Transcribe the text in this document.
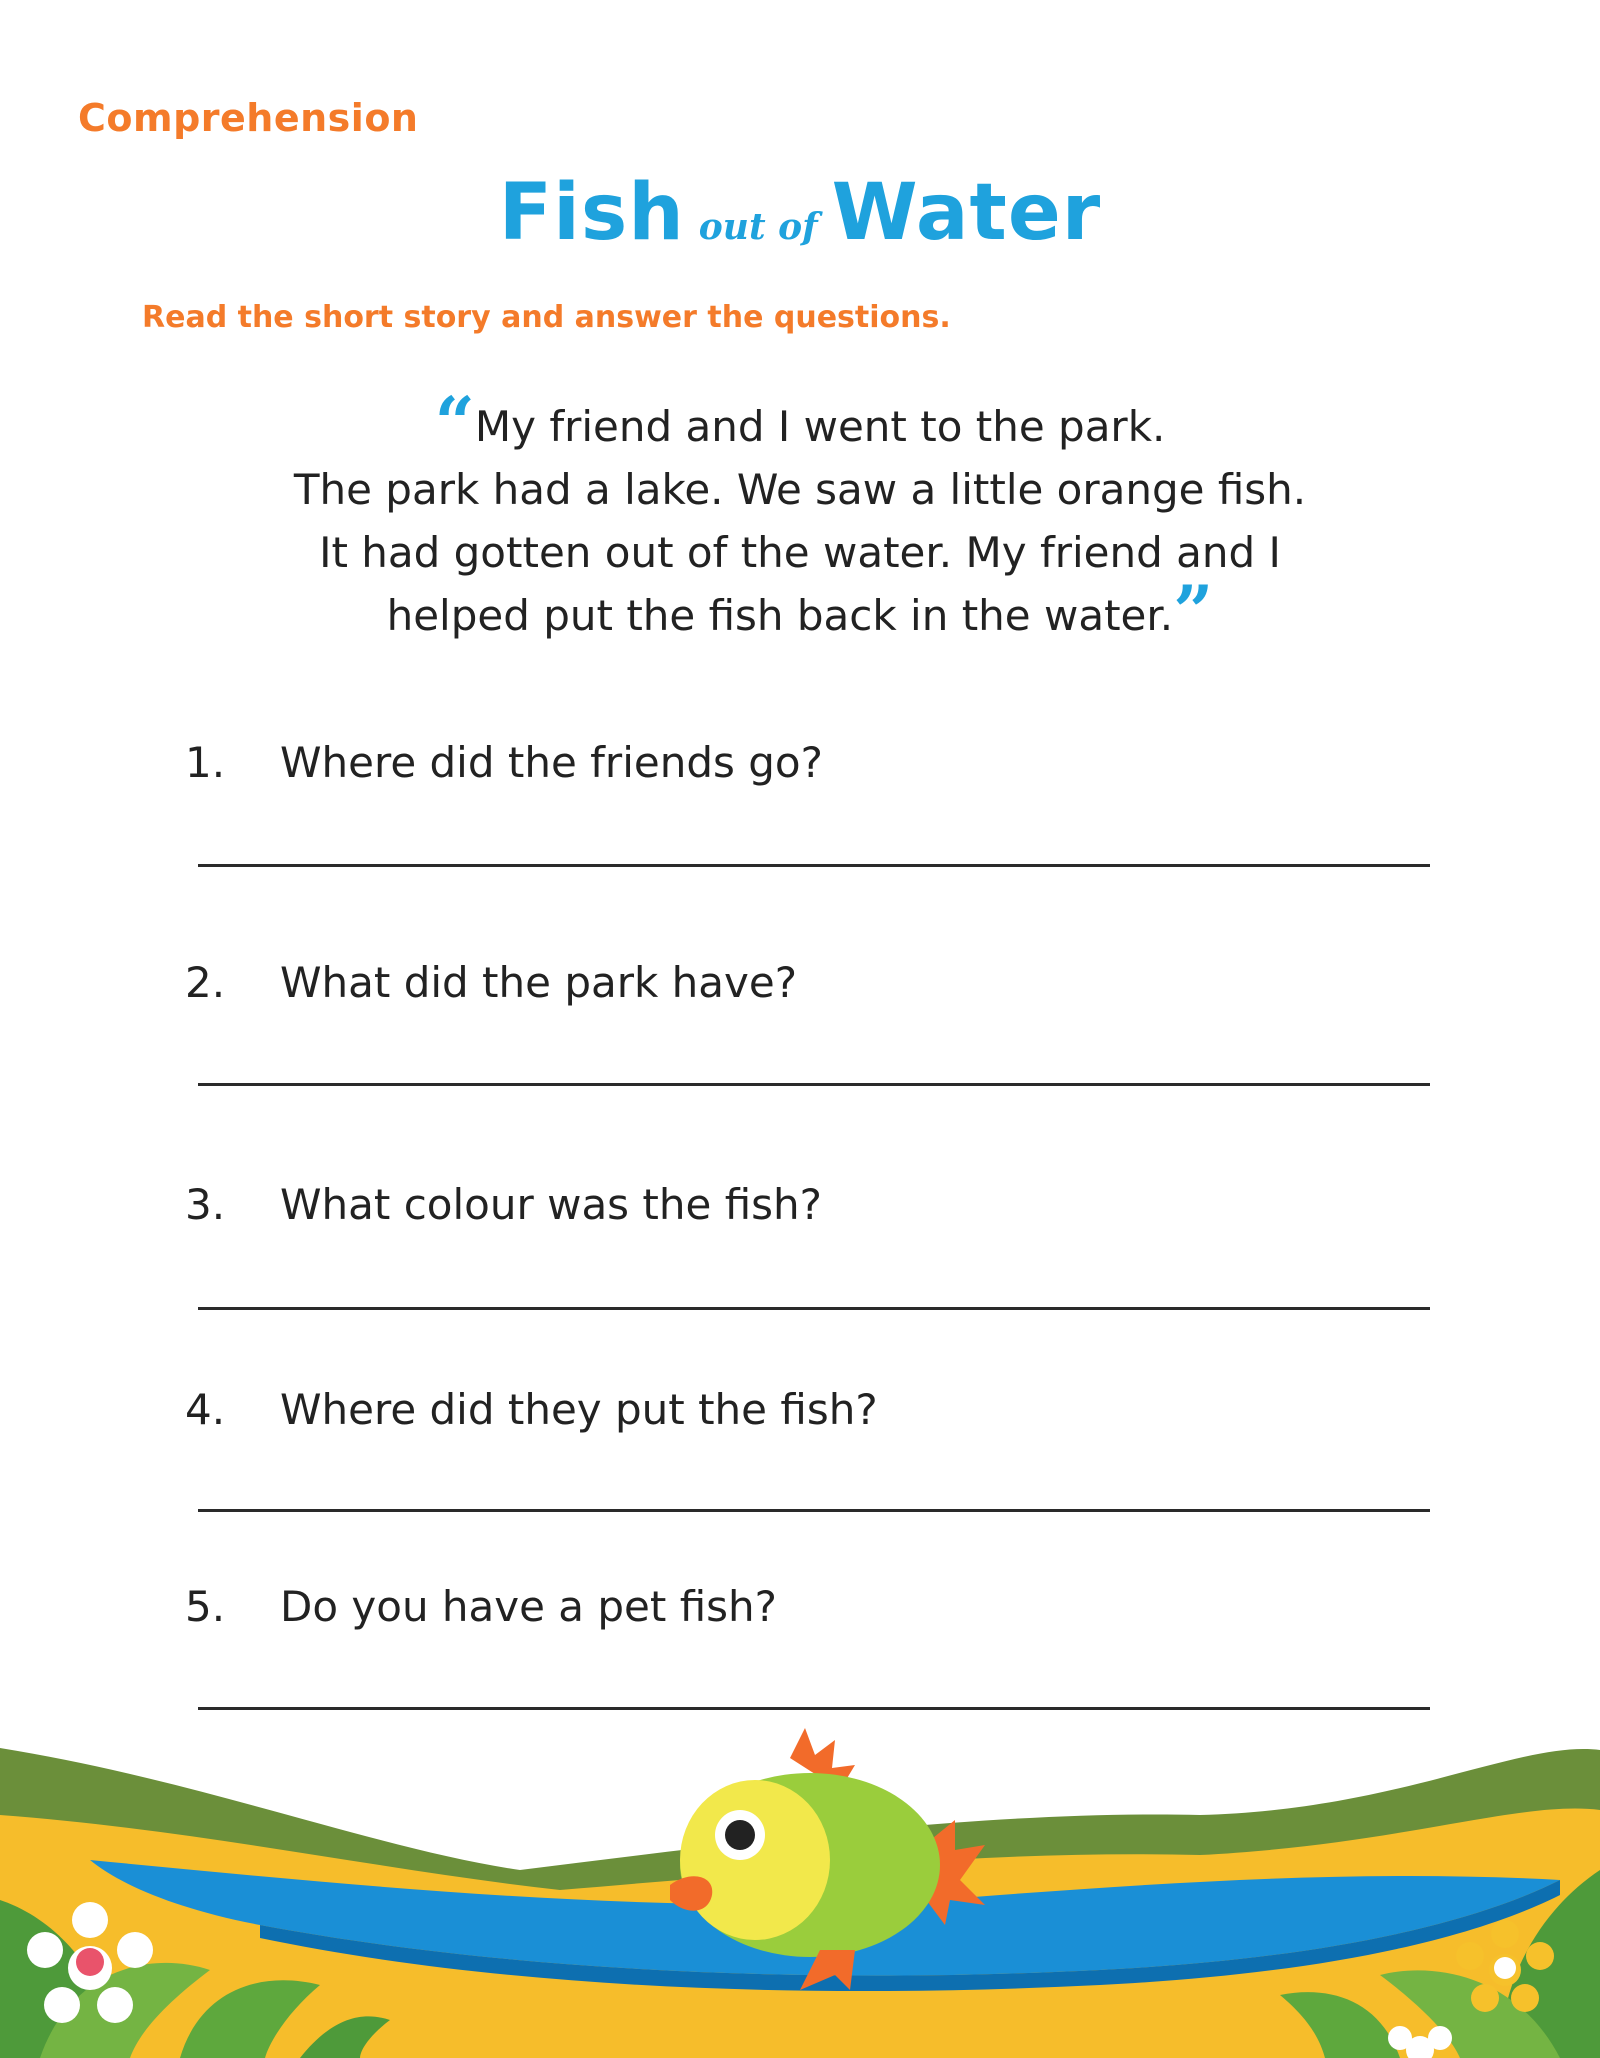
Comprehension
Fish out of Water
Read the short story and answer the questions.
“My friend and I went to the park.
The park had a lake. We saw a little orange fish.
It had gotten out of the water. My friend and I
helped put the fish back in the water.”
1. Where did the friends go?
2. What did the park have?
3. What colour was the fish?
4. Where did they put the fish?
5. Do you have a pet fish?
